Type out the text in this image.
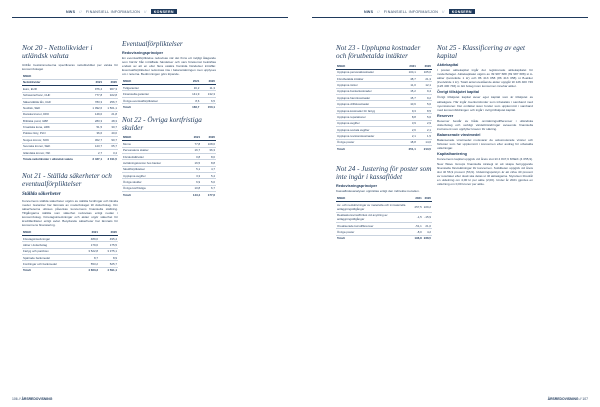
NWS // FINANSIELL INFORMASJON //	KONSERN	NWS // FINANSIELL INFORMASJON //	KONSERN
Not 20 - Nettolikvider i utländsk valuta
Utifrån bestämmelserna specificeras nettolikviditet per valuta för koncernbolaget
MSEK		
Nettolikvider	2021	2020
Euro, EUR	976,4	967,3
Schweizerfranc, CHF	777,8	322,8
Säkerställda lån, CHF	783,3	256,7
Nordisk, SEK	1 092,6	1 501,1
Danska kronor, DKK	149,0	21,8
Brittiska pund, GBP	283,3	48,3
Kroatiska kuna, HRK	51,5	30,7
Polska zloty, PLN	36,6	40,0
Norges kronor, NOK	302,7	90,7
Svenska kronor, SEK	123,7	65,7
Isländska kronor, ISK	2,7	3,4
Totala nettolikvider i utländsk valuta	3 427,1	3 011,5
Not 21 - Ställda säkerheter och eventualförpliktelser
Ställda säkerheter
Koncernens ställda säkerheter utgörs av ställda fordringar och likvida medel. Garantier har lämnats av moderbolaget till dotterbolag. Om säkerheterna utlöses påverkas koncernens finansiella ställning. Tillgångarna ställda som säkerhet redovisas enligt nedan i koncernbolag. Företagsinteckningar och aktier utgör säkerhet för kreditfaciliteter enligt avtal. Betydande säkerheter har lämnats för koncernens finansiering.
MSEK	2021	2020
Företagsinteckningar	489,0	495,4
Aktier i dotterbolag	179,6	175,5
Fartyg och pantbrev	3 522,8	3 375,1
Spärrade bankmedel	8,7	8,9
Fordringar och bankmedel	553,2	525,7
Totalt	4 663,3	4 591,1
Eventualförpliktelser
Redovisningsprinciper
En eventualförpliktelse redovisas när det finns ett möjligt åtagande som härrör från inträffade händelser och vars förekomst bekräftas endast av att en eller flera osäkra framtida händelser inträffar. Eventualförpliktelser redovisas inte i balansräkningen men upplyses om i noterna. Bedömningen görs löpande.
MSEK	2021	2020
Tullgarantier	16,2	11,3
Finansiella garantier	141,9	132,3
Övriga eventualförpliktelser	8,6	6,5
Totalt	166,7	150,1
Not 22 - Övriga kortfristiga skulder
MSEK	2021	2020
Moms	77,8	108,6
Personalens skatter	16,7	36,3
Förskottslikvider	0,8	8,0
Avräkningskonton hos banker	16,5	8,8
Skuldförpliktelser	5,1	4,7
Upplupna avgifter	3,3	5,4
Övriga skulder	6,9	5,0
Övriga kortfristiga	10,8	6,7
Totalt	143,4	177,6
Not 23 - Upplupna kostnader och förutbetalda intäkter
MSEK	2021	2020
Upplupna personalkostnader	104,1	105,6
Förutbetalda intäkter	48,7	21,3
Upplupna räntor	11,0	12,1
Upplupna bunkerkostnader	15,2	9,4
Upplupna hamnkostnader	15,7	9,2
Upplupna driftskostnader	10,6	5,6
Upplupna kostnader för fartyg	9,3	8,5
Upplupna reparationer	8,8	5,6
Upplupna avgifter	3,9	2,9
Upplupna sociala avgifter	2,6	2,1
Upplupna revisionskostnader	2,1	1,5
Övriga poster	18,8	14,6
Totalt	251,1	213,5
Not 24 - Justering för poster som inte ingår i kassaflödet
Redovisningsprinciper
Kassaflödesanalysen upprättas enligt den indirekta metoden.
MSEK	2021	2020
Av- och nedskrivningar av materiella och immateriella anläggningstillgångar	257,5	229,2
Realisationsvinst/förlust vid avyttring av anläggningstillgångar	-1,5	-15,9
Orealiserade kursdifferenser	-51,1	21,0
Övriga poster	-8,0	4,2
Totalt	196,8	238,5
Not 25 - Klassificering av eget kapital
Aktiekapital
I posten aktiekapital ingår det registrerade aktiekapitalet för moderbolaget. Aktiekapitalet utgörs av 39 987 688 (39 987 688) st A-aktier (kvotvärde 1 kr) och 86 413 058 (86 413 058) st B-aktier (kvotvärde 1 kr). Totalt antal utestående aktier uppgår till 126 400 746 (126 400 746) st. Ett bolag inom koncernen innehar aktier.
Övrigt tillskjutet kapital
Övrigt tillskjutet kapital avser eget kapital som är tillskjutet av aktieägare. Här ingår överkursfonder som inbetalats i samband med nyemissioner. Det omfattar även fonder som uppkommit i samband med koncernbildningen och ingår i övrigt tillskjutet kapital.
Reserver
Reserver består av både omräkningsdifferenser i utländska dotterbolag och verkligt värdeförändringar avseende finansiella instrument som uppfyller kraven för säkring.
Balanserade vinstmedel
Balanserade vinstmedel motsvarar de ackumulerade vinster och förluster som har uppkommit i koncernen efter avdrag för utbetalda utdelningar.
Kapitalhantering
Koncernens kapital uppgick vid årets slut till 4 847,6 MSEK (4 055,9). New Wave Groups finansiella strategi är att skapa betryggande finansiella förutsättningar för koncernen. Soliditeten uppgick vid årets slut till 56,9 procent (53,9). Utdelningspolicyn är att cirka 40 procent av resultatet efter skatt ska delas ut till aktieägarna. Styrelsen föreslår en utdelning om 4,00 kr per aktie (2,00). Under år 2021 gjordes en utdelning om 0,00 kronor per aktie.
106 // ÅRSREDOVISNING	ÅRSREDOVISNING // 107
